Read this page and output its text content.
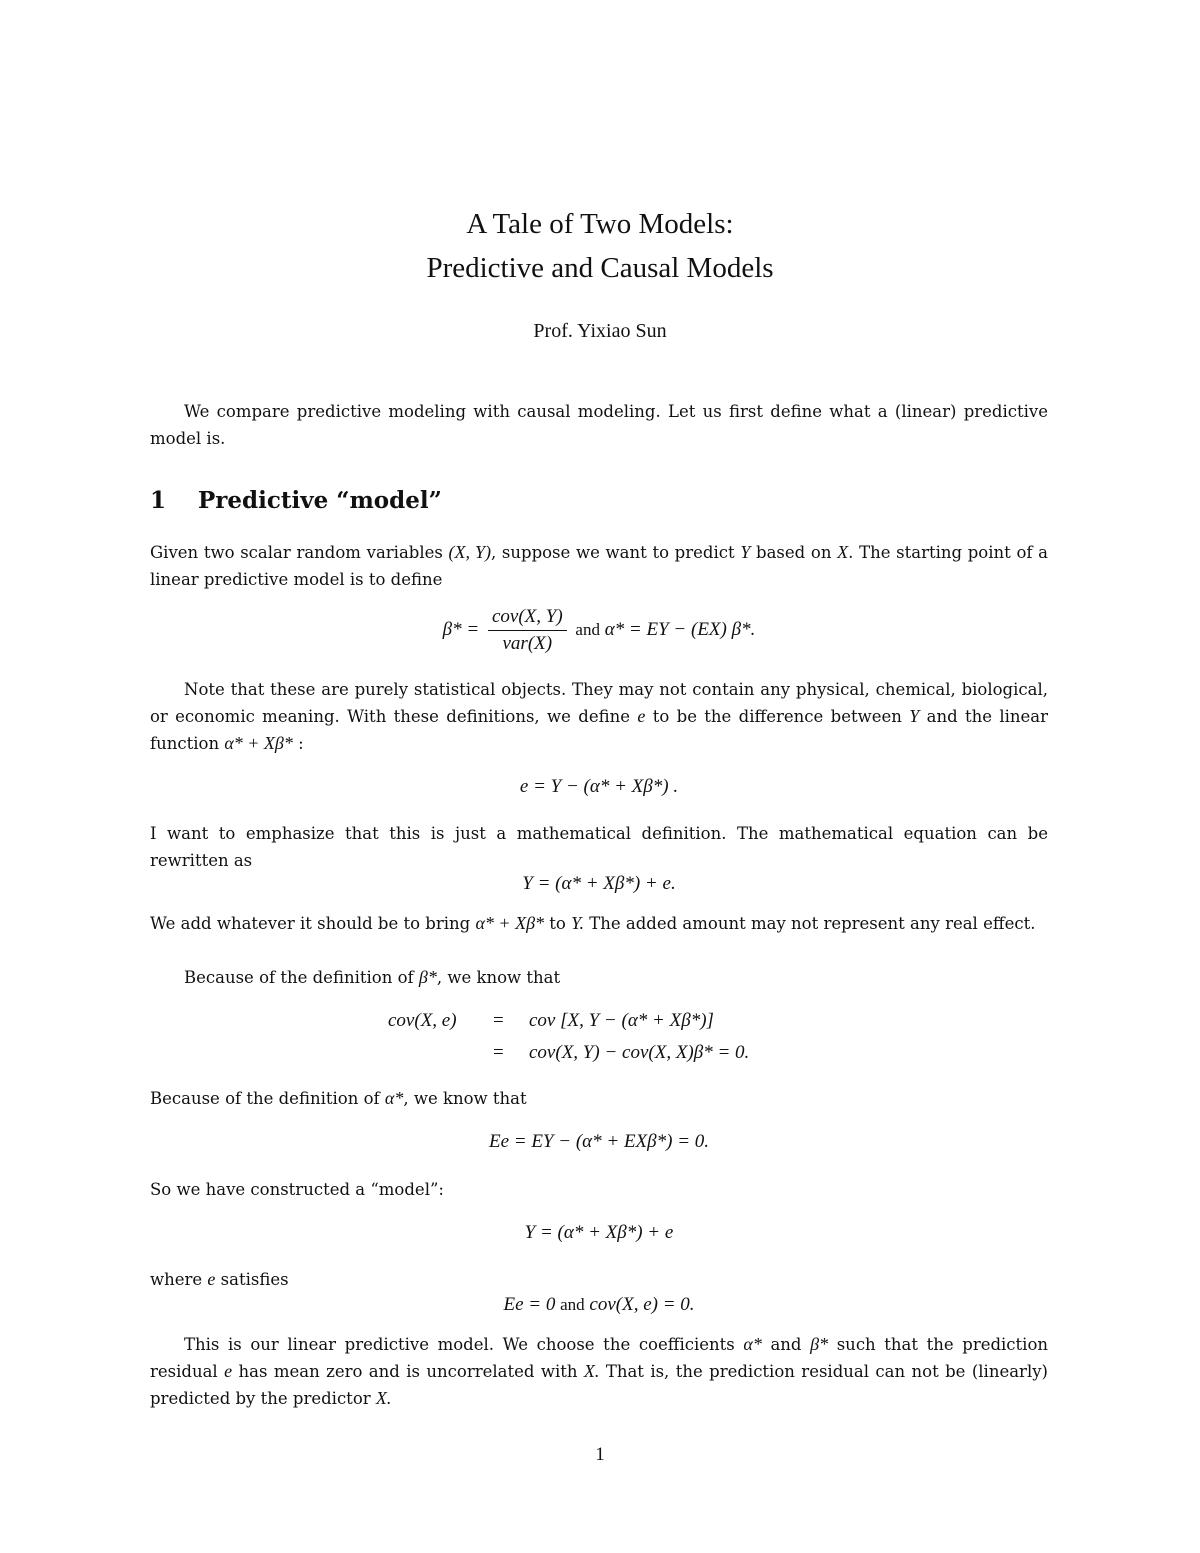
A Tale of Two Models:
Predictive and Causal Models
Prof. Yixiao Sun

We compare predictive modeling with causal modeling. Let us first define what a (linear) predictive model is.

1 Predictive “model”

Given two scalar random variables (X, Y), suppose we want to predict Y based on X. The starting point of a linear predictive model is to define

$\beta* = \frac{\text{cov(X, Y)}}{\text{var(X)}}$ and α* = EY − (EX) β*.

Note that these are purely statistical objects. They may not contain any physical, chemical, biological, or economic meaning. With these definitions, we define e to be the difference between Y and the linear function α* + Xβ* :

e = Y − (α* + Xβ*) .

I want to emphasize that this is just a mathematical definition. The mathematical equation can be rewritten as

Y = (α* + Xβ*) + e.

We add whatever it should be to bring α* + Xβ* to Y. The added amount may not represent any real effect.

Because of the definition of β*, we know that

cov(X, e) = cov [X, Y − (α* + Xβ*)]
= cov(X, Y) − cov(X, X)β* = 0.

Because of the definition of α*, we know that

Ee = EY − (α* + EXβ*) = 0.

So we have constructed a “model”:

Y = (α* + Xβ*) + e

where e satisfies

Ee = 0 and cov(X, e) = 0.

This is our linear predictive model. We choose the coefficients α* and β* such that the prediction residual e has mean zero and is uncorrelated with X. That is, the prediction residual can not be (linearly) predicted by the predictor X.

1
